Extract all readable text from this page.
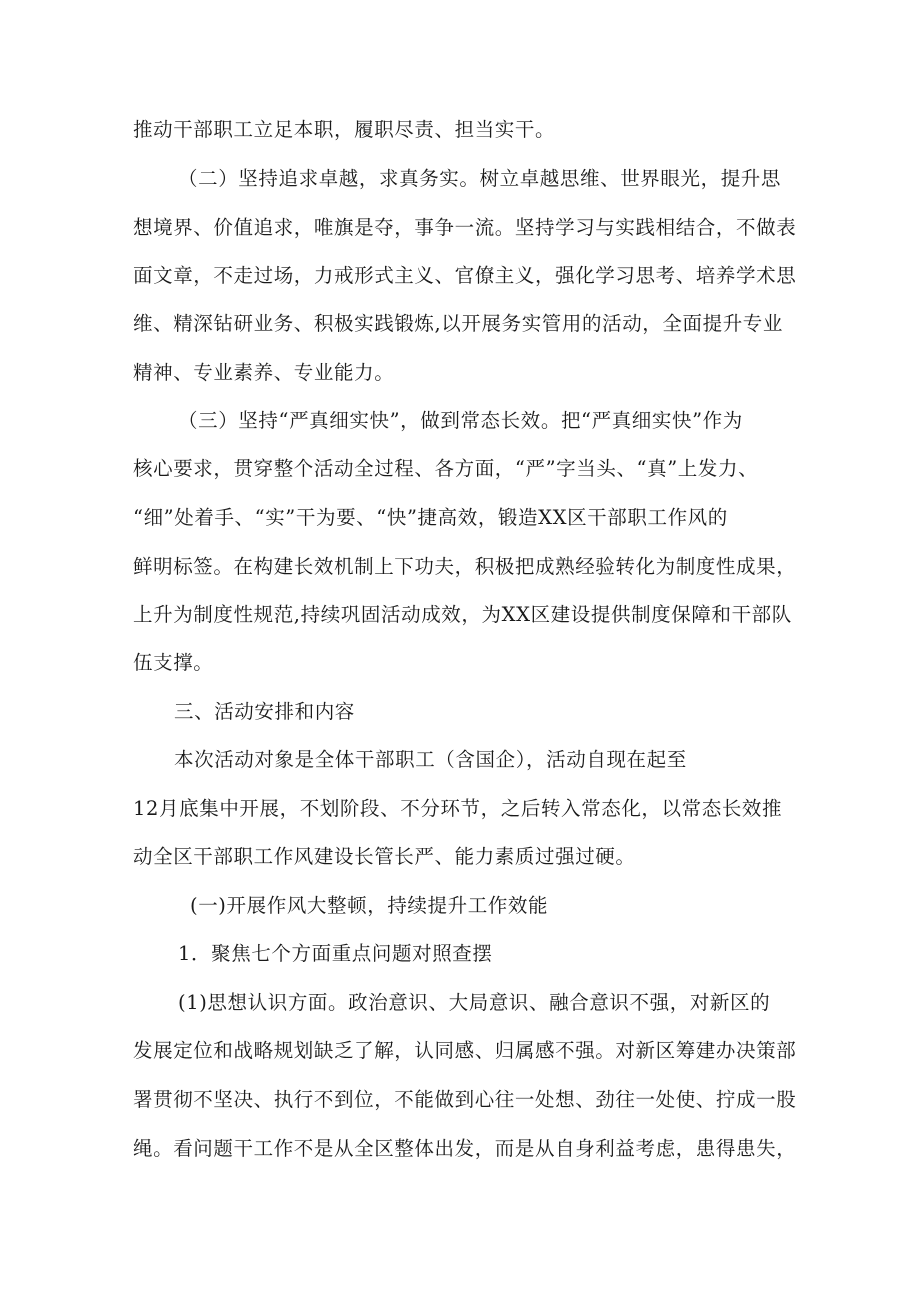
推动干部职工立足本职，履职尽责、担当实干。
（二）坚持追求卓越，求真务实。树立卓越思维、世界眼光，提升思
想境界、价值追求，唯旗是夺，事争一流。坚持学习与实践相结合，不做表
面文章，不走过场，力戒形式主义、官僚主义，强化学习思考、培养学术思
维、精深钻研业务、积极实践锻炼,以开展务实管用的活动，全面提升专业
精神、专业素养、专业能力。
（三）坚持“严真细实快”，做到常态长效。把“严真细实快”作为
核心要求，贯穿整个活动全过程、各方面，“严”字当头、“真”上发力、
“细”处着手、“实”干为要、“快”捷高效，锻造XX区干部职工作风的
鲜明标签。在构建长效机制上下功夫，积极把成熟经验转化为制度性成果，
上升为制度性规范,持续巩固活动成效，为XX区建设提供制度保障和干部队
伍支撑。
三、活动安排和内容
本次活动对象是全体干部职工（含国企），活动自现在起至
12月底集中开展，不划阶段、不分环节，之后转入常态化，以常态长效推
动全区干部职工作风建设长管长严、能力素质过强过硬。
(一)开展作风大整顿，持续提升工作效能
1．聚焦七个方面重点问题对照查摆
(1)思想认识方面。政治意识、大局意识、融合意识不强，对新区的
发展定位和战略规划缺乏了解，认同感、归属感不强。对新区筹建办决策部
署贯彻不坚决、执行不到位，不能做到心往一处想、劲往一处使、拧成一股
绳。看问题干工作不是从全区整体出发，而是从自身利益考虑，患得患失，
